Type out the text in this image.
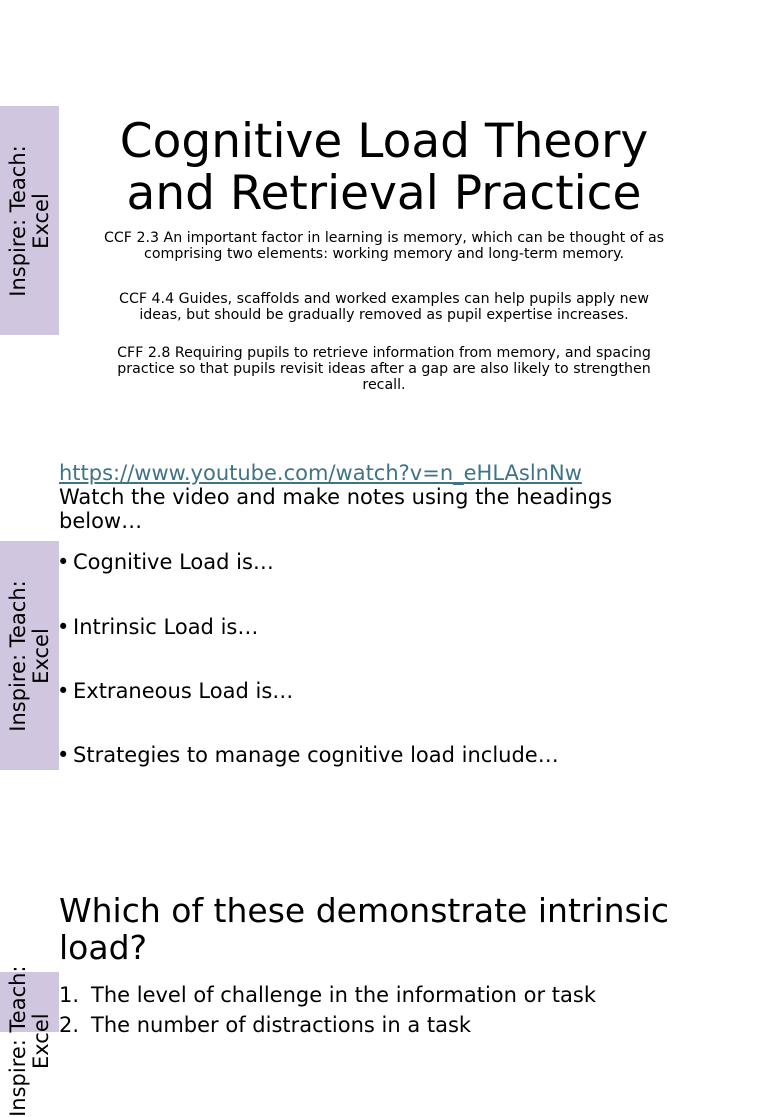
Inspire: Teach: Excel
Inspire: Teach: Excel
Inspire: Teach: Excel
Cognitive Load Theory
and Retrieval Practice
CCF 2.3 An important factor in learning is memory, which can be thought of as comprising two elements: working memory and long-term memory.
CCF 4.4 Guides, scaffolds and worked examples can help pupils apply new ideas, but should be gradually removed as pupil expertise increases.
CFF 2.8 Requiring pupils to retrieve information from memory, and spacing practice so that pupils revisit ideas after a gap are also likely to strengthen recall.
https://www.youtube.com/watch?v=n_eHLAslnNw
Watch the video and make notes using the headings below…
• Cognitive Load is…
• Intrinsic Load is…
• Extraneous Load is…
• Strategies to manage cognitive load include…
Which of these demonstrate intrinsic load?
1. The level of challenge in the information or task
2. The number of distractions in a task
